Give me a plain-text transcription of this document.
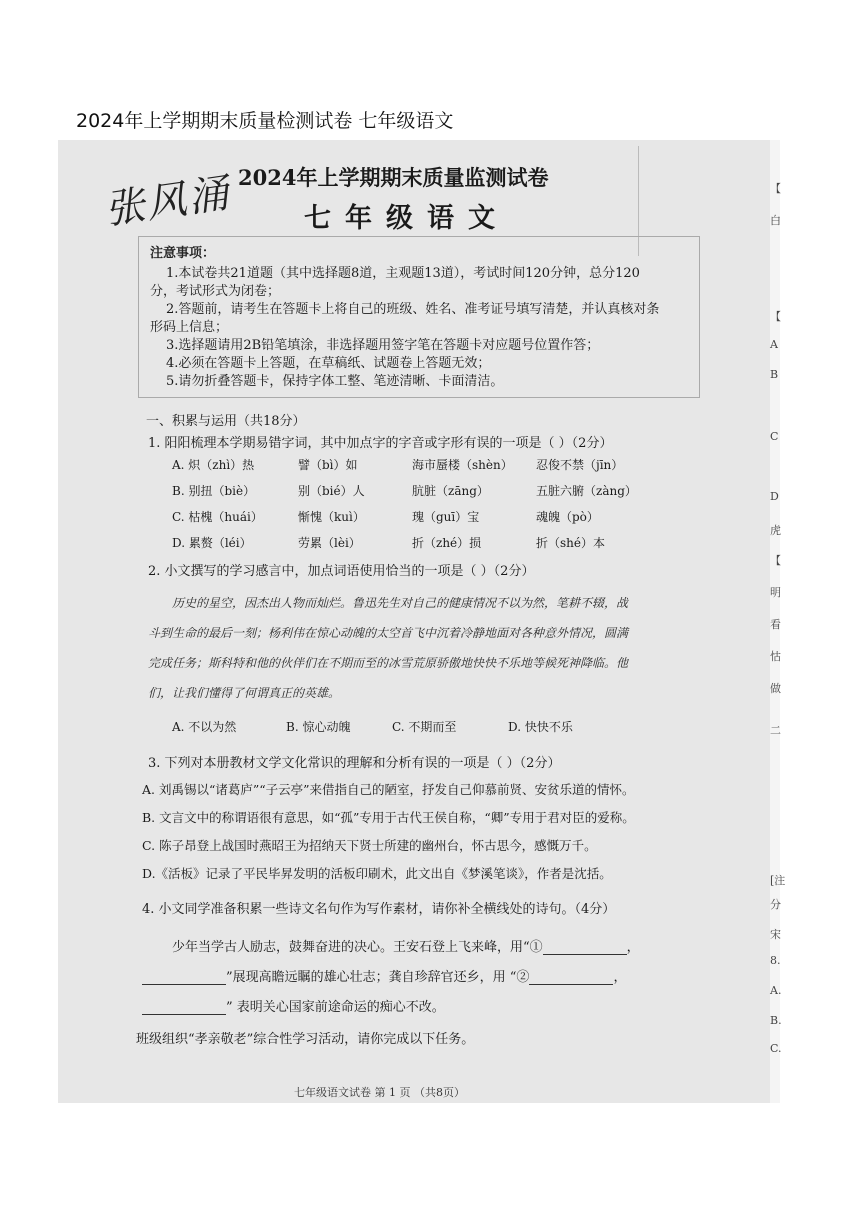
2024年上学期期末质量检测试卷 七年级语文
张风涌 2024年上学期期末质量监测试卷
七年级语文
注意事项：
1.本试卷共21道题（其中选择题8道，主观题13道），考试时间120分钟，总分120
分，考试形式为闭卷；
2.答题前，请考生在答题卡上将自己的班级、姓名、准考证号填写清楚，并认真核对条
形码上信息；
3.选择题请用2B铅笔填涂，非选择题用签字笔在答题卡对应题号位置作答；
4.必须在答题卡上答题，在草稿纸、试题卷上答题无效；
5.请勿折叠答题卡，保持字体工整、笔迹清晰、卡面清洁。
一、积累与运用（共18分）
1. 阳阳梳理本学期易错字词，其中加点字的字音或字形有误的一项是（ ）（2分）
A. 炽（zhì）热	譬（bì）如	海市蜃楼（shèn） 忍俊不禁（jīn）
B. 别扭（biè）	别（bié）人	肮脏（zāng）	五脏六腑（zàng）
C. 枯槐（huái）	惭愧（kuì）	瑰（guī）宝	魂魄（pò）
D. 累赘（léi）	劳累（lèi）	折（zhé）损	折（shé）本
2. 小文撰写的学习感言中，加点词语使用恰当的一项是（ ）（2分）
历史的星空，因杰出人物而灿烂。鲁迅先生对自己的健康情况不以为然，笔耕不辍，战
斗到生命的最后一刻；杨利伟在惊心动魄的太空首飞中沉着冷静地面对各种意外情况，圆满
完成任务；斯科特和他的伙伴们在不期而至的冰雪荒原骄傲地快快不乐地等候死神降临。他
们，让我们懂得了何谓真正的英雄。
A. 不以为然	B. 惊心动魄	C. 不期而至	D. 快快不乐
3. 下列对本册教材文学文化常识的理解和分析有误的一项是（ ）（2分）
A. 刘禹锡以“诸葛庐”“子云亭”来借指自己的陋室，抒发自己仰慕前贤、安贫乐道的情怀。
B. 文言文中的称谓语很有意思，如“孤”专用于古代王侯自称，“卿”专用于君对臣的爱称。
C. 陈子昂登上战国时燕昭王为招纳天下贤士所建的幽州台，怀古思今，感慨万千。
D.《活板》记录了平民毕昇发明的活板印刷术，此文出自《梦溪笔谈》，作者是沈括。
4. 小文同学准备积累一些诗文名句作为写作素材，请你补全横线处的诗句。（4分）
少年当学古人励志，鼓舞奋进的决心。王安石登上飞来峰，用“①	，
”展现高瞻远瞩的雄心壮志；龚自珍辞官还乡，用 “②	，
” 表明关心国家前途命运的痴心不改。
班级组织“孝亲敬老”综合性学习活动，请你完成以下任务。
七年级语文试卷 第 1 页 （共8页）
【
白
【
A
B
C
D
虎
【
明
看
怙
做
二
[注
分
宋
8.
A.
B.
C.
